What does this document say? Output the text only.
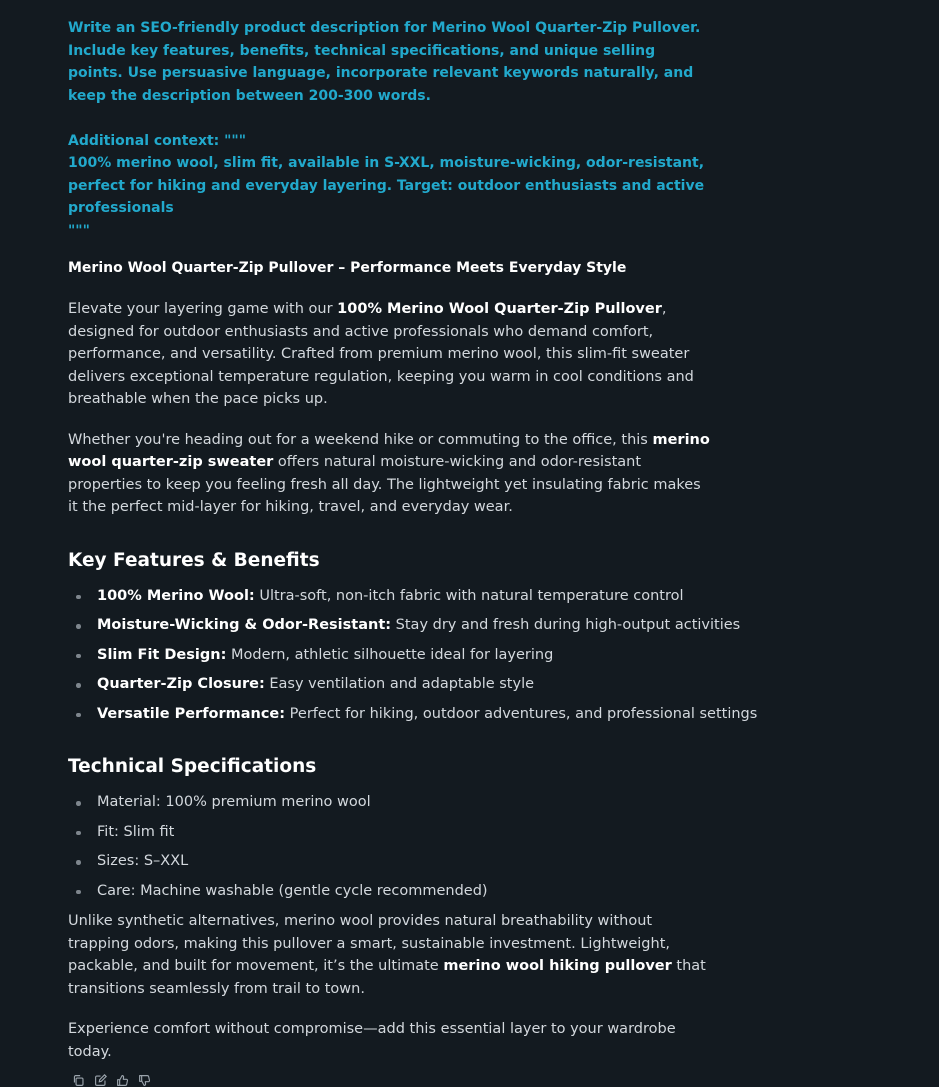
Write an SEO-friendly product description for Merino Wool Quarter-Zip Pullover. Include key features, benefits, technical specifications, and unique selling points. Use persuasive language, incorporate relevant keywords naturally, and keep the description between 200-300 words.

Additional context: """

100% merino wool, slim fit, available in S-XXL, moisture-wicking, odor-resistant, perfect for hiking and everyday layering. Target: outdoor enthusiasts and active professionals

"""

Merino Wool Quarter-Zip Pullover – Performance Meets Everyday Style

Elevate your layering game with our 100% Merino Wool Quarter-Zip Pullover, designed for outdoor enthusiasts and active professionals who demand comfort, performance, and versatility. Crafted from premium merino wool, this slim-fit sweater delivers exceptional temperature regulation, keeping you warm in cool conditions and breathable when the pace picks up.

Whether you're heading out for a weekend hike or commuting to the office, this merino wool quarter-zip sweater offers natural moisture-wicking and odor-resistant properties to keep you feeling fresh all day. The lightweight yet insulating fabric makes it the perfect mid-layer for hiking, travel, and everyday wear.

Key Features & Benefits
100% Merino Wool: Ultra-soft, non-itch fabric with natural temperature control
Moisture-Wicking & Odor-Resistant: Stay dry and fresh during high-output activities
Slim Fit Design: Modern, athletic silhouette ideal for layering
Quarter-Zip Closure: Easy ventilation and adaptable style
Versatile Performance: Perfect for hiking, outdoor adventures, and professional settings
Technical Specifications
Material: 100% premium merino wool
Fit: Slim fit
Sizes: S–XXL
Care: Machine washable (gentle cycle recommended)

Unlike synthetic alternatives, merino wool provides natural breathability without trapping odors, making this pullover a smart, sustainable investment. Lightweight, packable, and built for movement, it’s the ultimate merino wool hiking pullover that transitions seamlessly from trail to town.

Experience comfort without compromise—add this essential layer to your wardrobe today.
